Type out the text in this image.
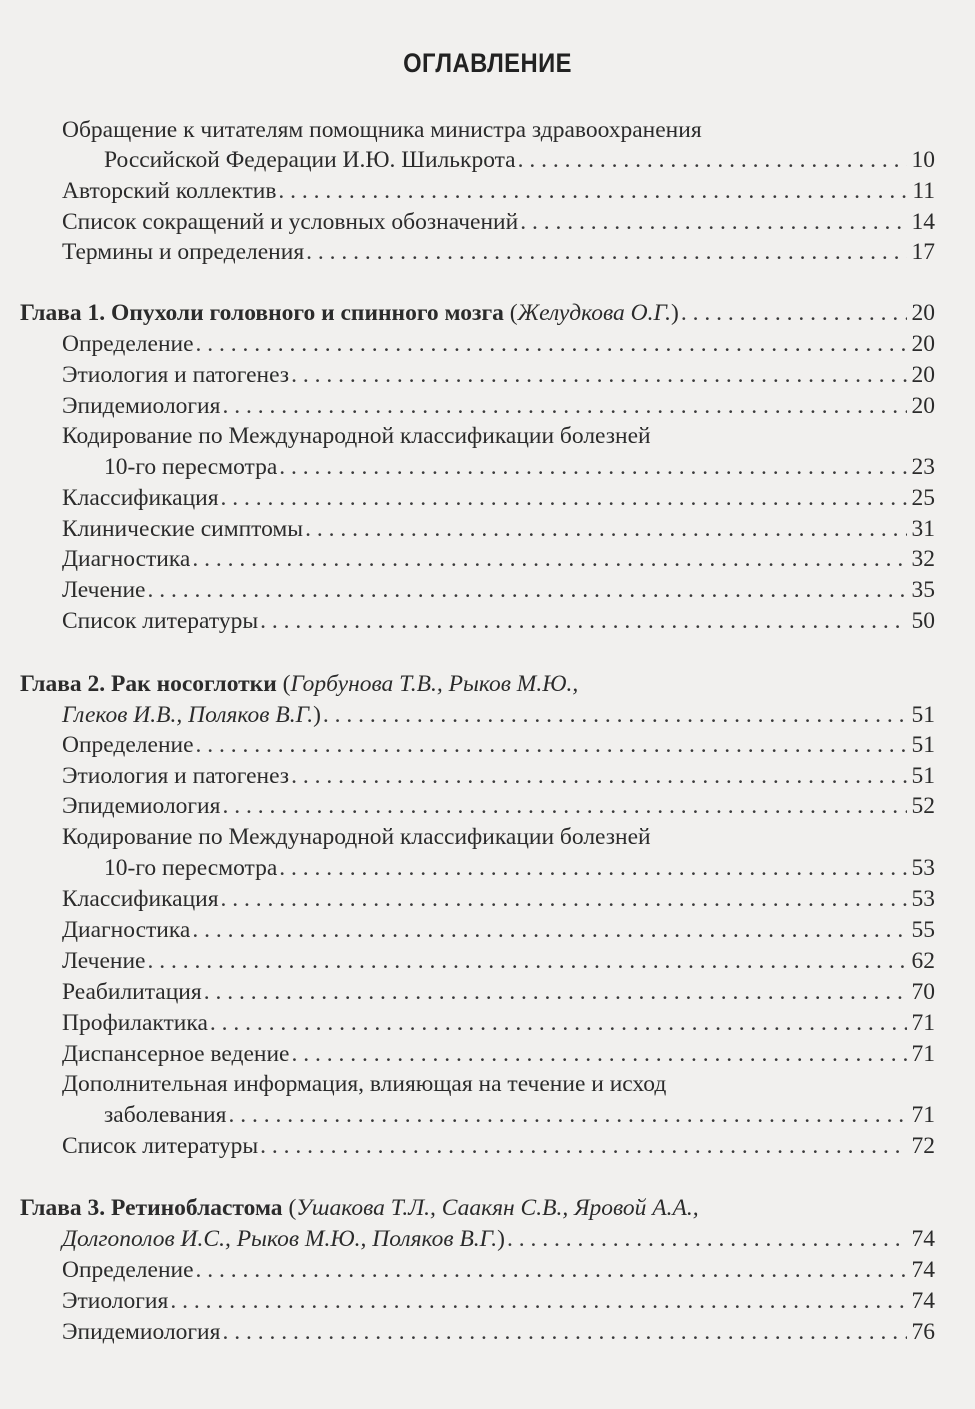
ОГЛАВЛЕНИЕ
Обращение к читателям помощника министра здравоохранения
Российской Федерации И.Ю. Шилькрота . . .	10
Авторский коллектив . . .	11
Список сокращений и условных обозначений . . .	14
Термины и определения . . .	17
Глава 1. Опухоли головного и спинного мозга (Желудкова О.Г.) . . .	20
Определение . . .	20
Этиология и патогенез . . .	20
Эпидемиология . . .	20
Кодирование по Международной классификации болезней
10-го пересмотра . . .	23
Классификация . . .	25
Клинические симптомы . . .	31
Диагностика . . .	32
Лечение . . .	35
Список литературы . . .	50
Глава 2. Рак носоглотки (Горбунова Т.В., Рыков М.Ю.,
Глеков И.В., Поляков В.Г.) . . .	51
Определение . . .	51
Этиология и патогенез . . .	51
Эпидемиология . . .	52
Кодирование по Международной классификации болезней
10-го пересмотра . . .	53
Классификация . . .	53
Диагностика . . .	55
Лечение . . .	62
Реабилитация . . .	70
Профилактика . . .	71
Диспансерное ведение . . .	71
Дополнительная информация, влияющая на течение и исход
заболевания . . .	71
Список литературы . . .	72
Глава 3. Ретинобластома (Ушакова Т.Л., Саакян С.В., Яровой А.А.,
Долгополов И.С., Рыков М.Ю., Поляков В.Г.) . . .	74
Определение . . .	74
Этиология . . .	74
Эпидемиология . . .	76
